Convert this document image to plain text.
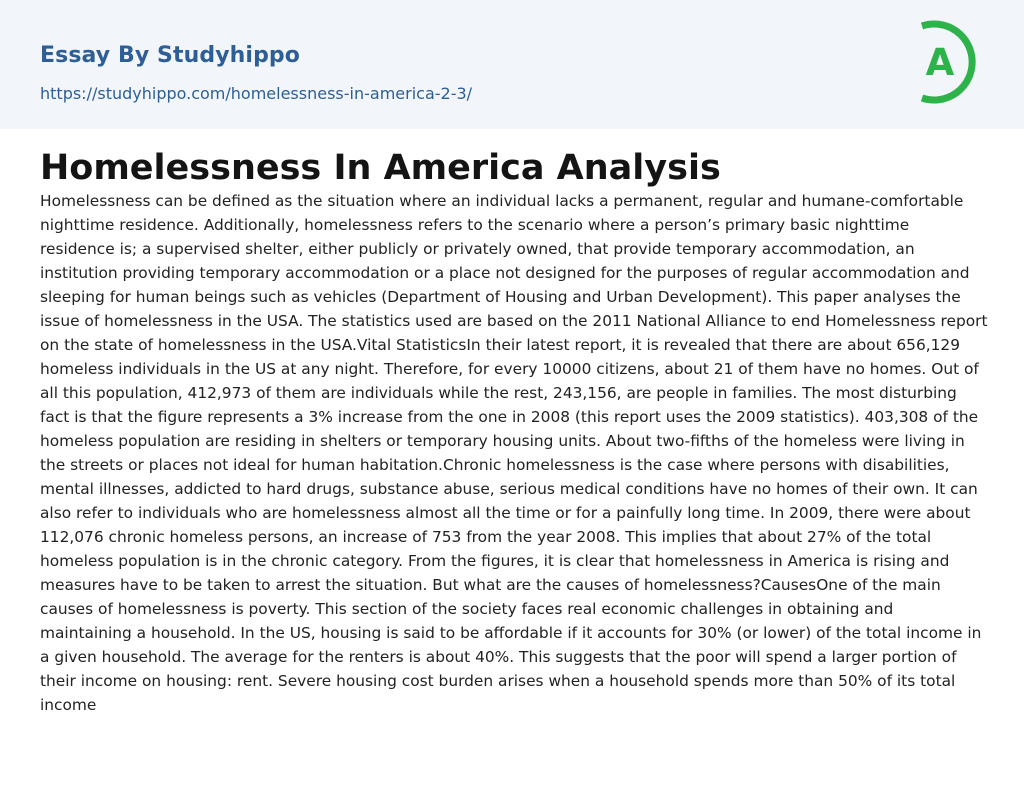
Essay By Studyhippo
https://studyhippo.com/homelessness-in-america-2-3/
A
Homelessness In America Analysis

Homelessness can be defined as the situation where an individual lacks a permanent, regular and humane-comfortable nighttime residence. Additionally, homelessness refers to the scenario where a person’s primary basic nighttime residence is; a supervised shelter, either publicly or privately owned, that provide temporary accommodation, an institution providing temporary accommodation or a place not designed for the purposes of regular accommodation and sleeping for human beings such as vehicles (Department of Housing and Urban Development). This paper analyses the issue of homelessness in the USA. The statistics used are based on the 2011 National Alliance to end Homelessness report on the state of homelessness in the USA.Vital StatisticsIn their latest report, it is revealed that there are about 656,129 homeless individuals in the US at any night. Therefore, for every 10000 citizens, about 21 of them have no homes. Out of all this population, 412,973 of them are individuals while the rest, 243,156, are people in families. The most disturbing fact is that the figure represents a 3% increase from the one in 2008 (this report uses the 2009 statistics). 403,308 of the homeless population are residing in shelters or temporary housing units. About two-fifths of the homeless were living in the streets or places not ideal for human habitation.Chronic homelessness is the case where persons with disabilities, mental illnesses, addicted to hard drugs, substance abuse, serious medical conditions have no homes of their own. It can also refer to individuals who are homelessness almost all the time or for a painfully long time. In 2009, there were about 112,076 chronic homeless persons, an increase of 753 from the year 2008. This implies that about 27% of the total homeless population is in the chronic category. From the figures, it is clear that homelessness in America is rising and measures have to be taken to arrest the situation. But what are the causes of homelessness?CausesOne of the main causes of homelessness is poverty. This section of the society faces real economic challenges in obtaining and maintaining a household. In the US, housing is said to be affordable if it accounts for 30% (or lower) of the total income in a given household. The average for the renters is about 40%. This suggests that the poor will spend a larger portion of their income on housing: rent. Severe housing cost burden arises when a household spends more than 50% of its total income
